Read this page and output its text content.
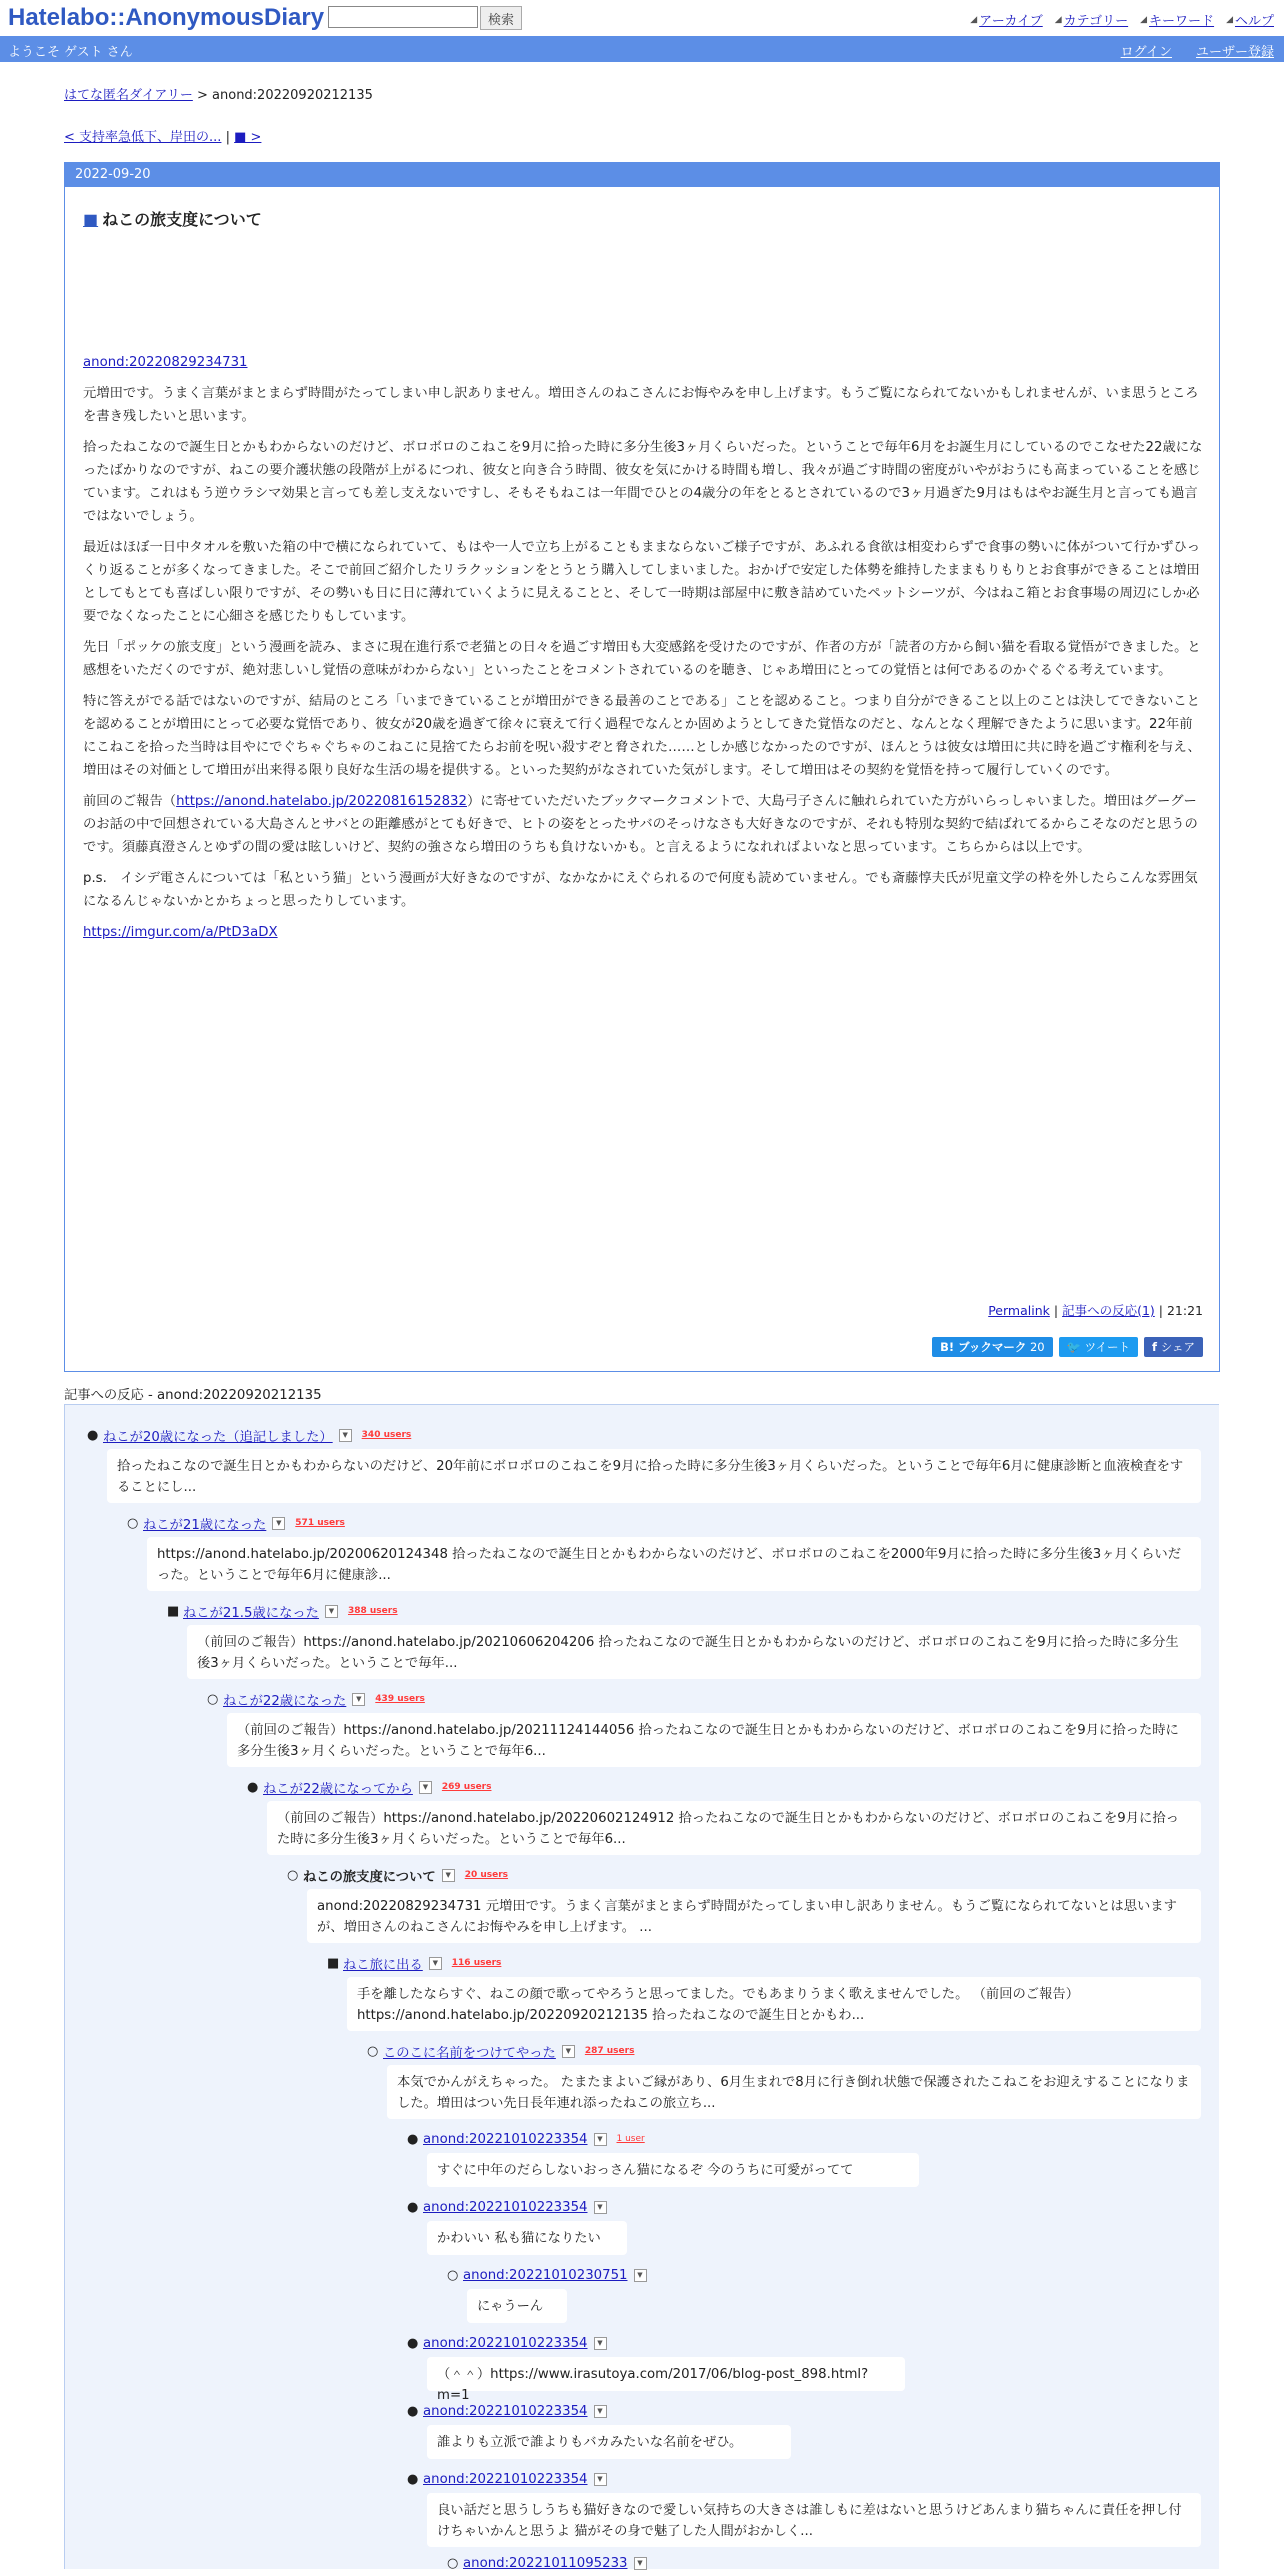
Hatelabo::AnonymousDiary	検索	◢ アーカイブ ◢ カテゴリー ◢ キーワード ◢ ヘルプ
ようこそ ゲスト さん	ログイン ユーザー登録
はてな匿名ダイアリー > anond:20220920212135
< 支持率急低下、岸田の... | ■ >
2022-09-20
■ ねこの旅支度について

anond:20220829234731

元増田です。うまく言葉がまとまらず時間がたってしまい申し訳ありません。増田さんのねこさんにお悔やみを申し上げます。もうご覧になられてないかもしれませんが、いま思うところを書き残したいと思います。

拾ったねこなので誕生日とかもわからないのだけど、ボロボロのこねこを9月に拾った時に多分生後3ヶ月くらいだった。ということで毎年6月をお誕生月にしているのでこなせた22歳になったばかりなのですが、ねこの要介護状態の段階が上がるにつれ、彼女と向き合う時間、彼女を気にかける時間も増し、我々が過ごす時間の密度がいやがおうにも高まっていることを感じています。これはもう逆ウラシマ効果と言っても差し支えないですし、そもそもねこは一年間でひとの4歳分の年をとるとされているので3ヶ月過ぎた9月はもはやお誕生月と言っても過言ではないでしょう。

最近はほぼ一日中タオルを敷いた箱の中で横になられていて、もはや一人で立ち上がることもままならないご様子ですが、あふれる食欲は相変わらずで食事の勢いに体がついて行かずひっくり返ることが多くなってきました。そこで前回ご紹介したリラクッションをとうとう購入してしまいました。おかげで安定した体勢を維持したままもりもりとお食事ができることは増田としてもとても喜ばしい限りですが、その勢いも日に日に薄れていくように見えることと、そして一時期は部屋中に敷き詰めていたペットシーツが、今はねこ箱とお食事場の周辺にしか必要でなくなったことに心細さを感じたりもしています。

先日「ポッケの旅支度」という漫画を読み、まさに現在進行系で老猫との日々を過ごす増田も大変感銘を受けたのですが、作者の方が「読者の方から飼い猫を看取る覚悟ができました。と感想をいただくのですが、絶対悲しいし覚悟の意味がわからない」といったことをコメントされているのを聴き、じゃあ増田にとっての覚悟とは何であるのかぐるぐる考えています。

特に答えがでる話ではないのですが、結局のところ「いまできていることが増田ができる最善のことである」ことを認めること。つまり自分ができること以上のことは決してできないことを認めることが増田にとって必要な覚悟であり、彼女が20歳を過ぎて徐々に衰えて行く過程でなんとか固めようとしてきた覚悟なのだと、なんとなく理解できたように思います。22年前にこねこを拾った当時は目やにでぐちゃぐちゃのこねこに見捨てたらお前を呪い殺すぞと脅された……としか感じなかったのですが、ほんとうは彼女は増田に共に時を過ごす権利を与え、増田はその対価として増田が出来得る限り良好な生活の場を提供する。といった契約がなされていた気がします。そして増田はその契約を覚悟を持って履行していくのです。

前回のご報告（https://anond.hatelabo.jp/20220816152832）に寄せていただいたブックマークコメントで、大島弓子さんに触れられていた方がいらっしゃいました。増田はグーグーのお話の中で回想されている大島さんとサバとの距離感がとても好きで、ヒトの姿をとったサバのそっけなさも大好きなのですが、それも特別な契約で結ばれてるからこそなのだと思うのです。須藤真澄さんとゆずの間の愛は眩しいけど、契約の強さなら増田のうちも負けないかも。と言えるようになれればよいなと思っています。こちらからは以上です。

p.s.　イシデ電さんについては「私という猫」という漫画が大好きなのですが、なかなかにえぐられるので何度も読めていません。でも斎藤惇夫氏が児童文学の枠を外したらこんな雰囲気になるんじゃないかとかちょっと思ったりしています。

https://imgur.com/a/PtD3aDX

Permalink | 記事への反応(1) | 21:21
B! ブックマーク 20	🐦 ツイート	f シェア
記事への反応 - anond:20220920212135
● ねこが20歳になった（追記しました）	▼	340 users
拾ったねこなので誕生日とかもわからないのだけど、20年前にボロボロのこねこを9月に拾った時に多分生後3ヶ月くらいだった。ということで毎年6月に健康診断と血液検査をすることにし...
○ ねこが21歳になった	▼	571 users
https://anond.hatelabo.jp/20200620124348 拾ったねこなので誕生日とかもわからないのだけど、ボロボロのこねこを2000年9月に拾った時に多分生後3ヶ月くらいだった。ということで毎年6月に健康診...
■ ねこが21.5歳になった	▼	388 users
（前回のご報告）https://anond.hatelabo.jp/20210606204206 拾ったねこなので誕生日とかもわからないのだけど、ボロボロのこねこを9月に拾った時に多分生後3ヶ月くらいだった。ということで毎年...
○ ねこが22歳になった	▼	439 users
（前回のご報告）https://anond.hatelabo.jp/20211124144056 拾ったねこなので誕生日とかもわからないのだけど、ボロボロのこねこを9月に拾った時に多分生後3ヶ月くらいだった。ということで毎年6...
● ねこが22歳になってから	▼	269 users
（前回のご報告）https://anond.hatelabo.jp/20220602124912 拾ったねこなので誕生日とかもわからないのだけど、ボロボロのこねこを9月に拾った時に多分生後3ヶ月くらいだった。ということで毎年6...
○ ねこの旅支度について	▼	20 users
anond:20220829234731 元増田です。うまく言葉がまとまらず時間がたってしまい申し訳ありません。もうご覧になられてないとは思いますが、増田さんのねこさんにお悔やみを申し上げます。 ...
■ ねこ旅に出る	▼	116 users
手を離したならすぐ、ねこの顔で歌ってやろうと思ってました。でもあまりうまく歌えませんでした。 （前回のご報告）https://anond.hatelabo.jp/20220920212135 拾ったねこなので誕生日とかもわ...
○ このこに名前をつけてやった	▼	287 users
本気でかんがえちゃった。 たまたまよいご縁があり、6月生まれで8月に行き倒れ状態で保護されたこねこをお迎えすることになりました。増田はつい先日長年連れ添ったねこの旅立ち...
● anond:20221010223354	▼	1 user
すぐに中年のだらしないおっさん猫になるぞ 今のうちに可愛がってて
● anond:20221010223354	▼
かわいい 私も猫になりたい
○ anond:20221010230751	▼
にゃうーん
● anond:20221010223354	▼
（＾＾）https://www.irasutoya.com/2017/06/blog-post_898.html?m=1
● anond:20221010223354	▼
誰よりも立派で誰よりもバカみたいな名前をぜひ。
● anond:20221010223354	▼
良い話だと思うしうちも猫好きなので愛しい気持ちの大きさは誰しもに差はないと思うけどあんまり猫ちゃんに責任を押し付けちゃいかんと思うよ 猫がその身で魅了した人間がおかしく...
○ anond:20221011095233	▼
